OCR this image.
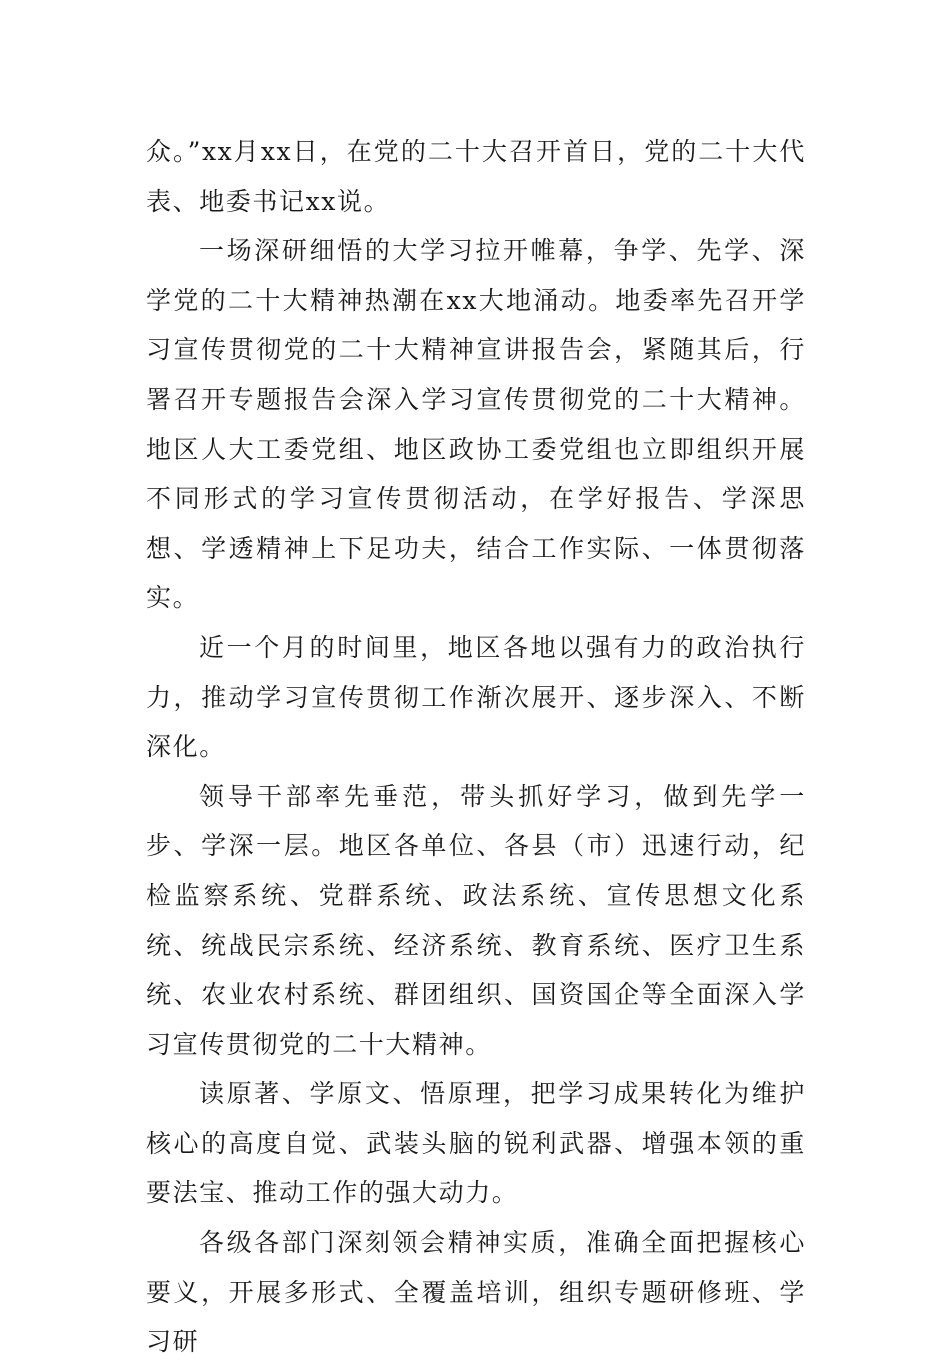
众。”xx月xx日，在党的二十大召开首日，党的二十大代表、地委书记xx说。

一场深研细悟的大学习拉开帷幕，争学、先学、深学党的二十大精神热潮在xx大地涌动。地委率先召开学习宣传贯彻党的二十大精神宣讲报告会，紧随其后，行署召开专题报告会深入学习宣传贯彻党的二十大精神。地区人大工委党组、地区政协工委党组也立即组织开展不同形式的学习宣传贯彻活动，在学好报告、学深思想、学透精神上下足功夫，结合工作实际、一体贯彻落实。

近一个月的时间里，地区各地以强有力的政治执行力，推动学习宣传贯彻工作渐次展开、逐步深入、不断深化。

领导干部率先垂范，带头抓好学习，做到先学一步、学深一层。地区各单位、各县（市）迅速行动，纪检监察系统、党群系统、政法系统、宣传思想文化系统、统战民宗系统、经济系统、教育系统、医疗卫生系统、农业农村系统、群团组织、国资国企等全面深入学习宣传贯彻党的二十大精神。

读原著、学原文、悟原理，把学习成果转化为维护核心的高度自觉、武装头脑的锐利武器、增强本领的重要法宝、推动工作的强大动力。

各级各部门深刻领会精神实质，准确全面把握核心要义，开展多形式、全覆盖培训，组织专题研修班、学习研
